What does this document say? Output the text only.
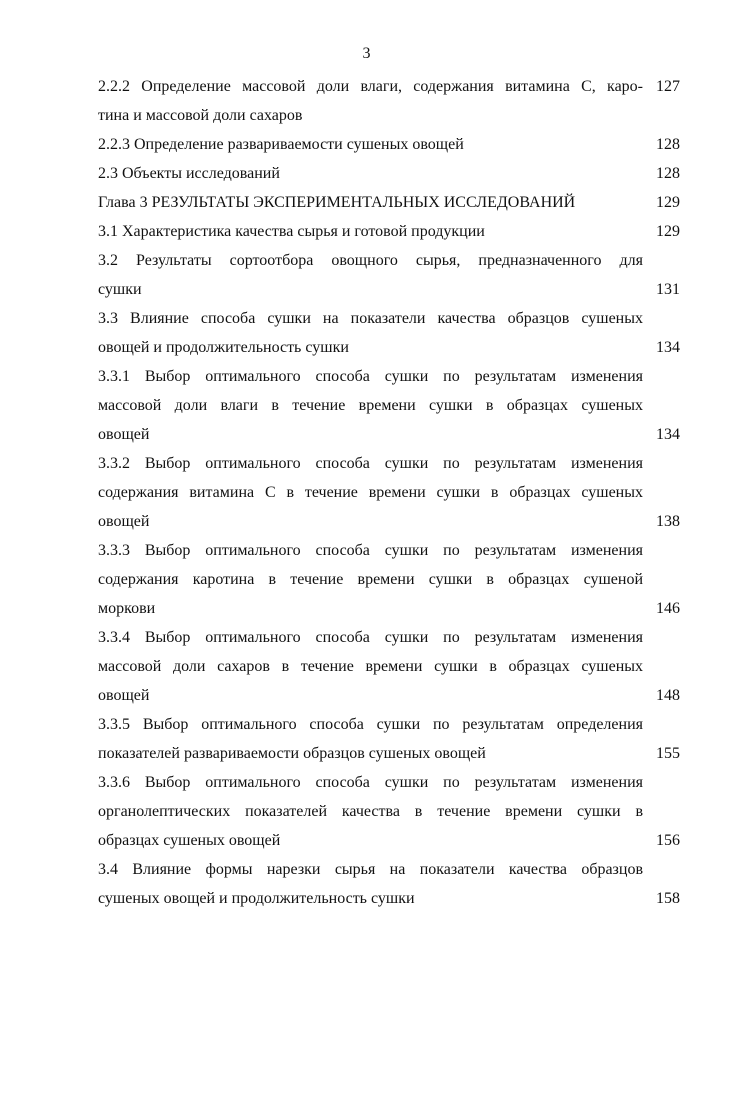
3
2.2.2 Определение массовой доли влаги, содержания витамина С, каро-
тина и массовой доли сахаров
127
2.2.3 Определение развариваемости сушеных овощей	128
2.3 Объекты исследований	128
Глава 3 РЕЗУЛЬТАТЫ ЭКСПЕРИМЕНТАЛЬНЫХ ИССЛЕДОВАНИЙ	129
3.1 Характеристика качества сырья и готовой продукции	129
3.2 Результаты сортоотбора овощного сырья, предназначенного для
сушки	131
3.3 Влияние способа сушки на показатели качества образцов сушеных
овощей и продолжительность сушки	134
3.3.1 Выбор оптимального способа сушки по результатам изменения
массовой доли влаги в течение времени сушки в образцах сушеных
овощей	134
3.3.2 Выбор оптимального способа сушки по результатам изменения
содержания витамина С в течение времени сушки в образцах сушеных
овощей	138
3.3.3 Выбор оптимального способа сушки по результатам изменения
содержания каротина в течение времени сушки в образцах сушеной
моркови	146
3.3.4 Выбор оптимального способа сушки по результатам изменения
массовой доли сахаров в течение времени сушки в образцах сушеных
овощей	148
3.3.5 Выбор оптимального способа сушки по результатам определения
показателей развариваемости образцов сушеных овощей	155
3.3.6 Выбор оптимального способа сушки по результатам изменения
органолептических показателей качества в течение времени сушки в
образцах сушеных овощей	156
3.4 Влияние формы нарезки сырья на показатели качества образцов
сушеных овощей и продолжительность сушки	158
